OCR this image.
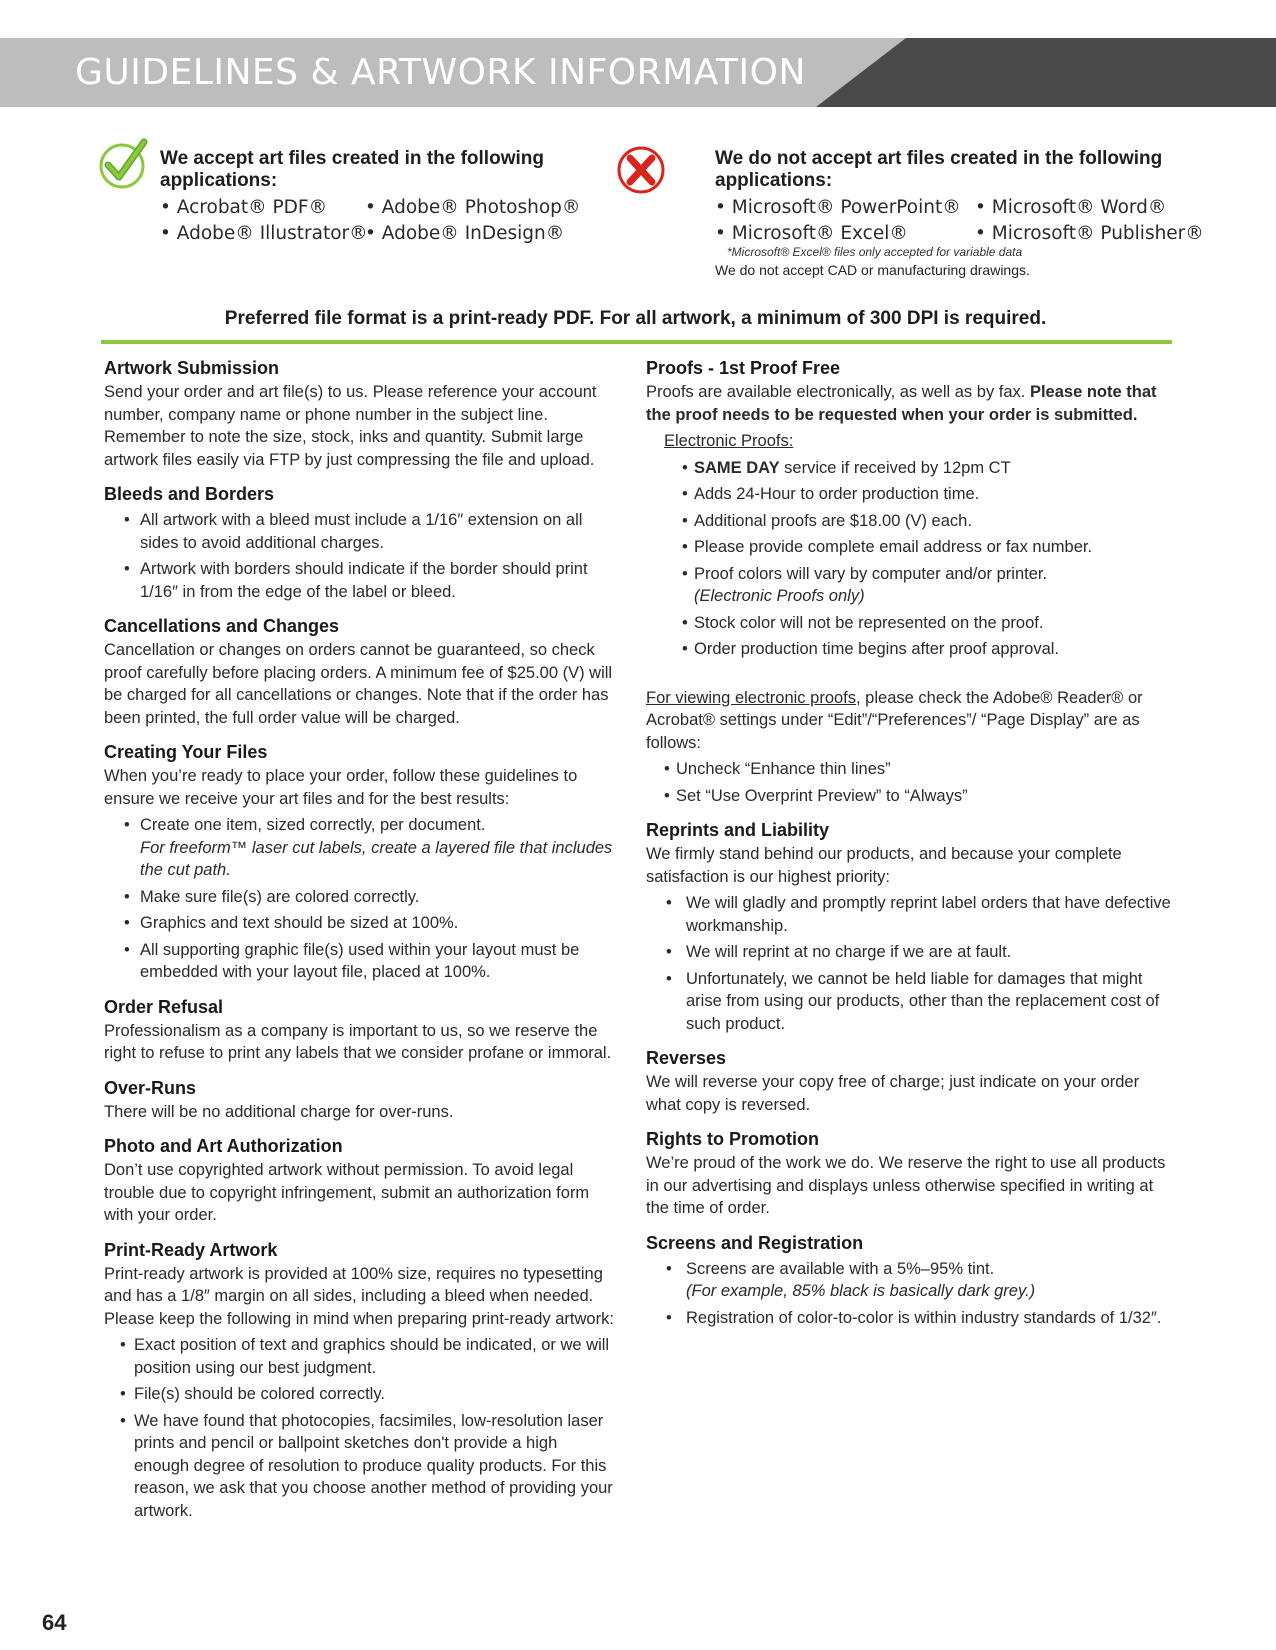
GUIDELINES & ARTWORK INFORMATION
We accept art files created in the following applications:
• Acrobat® PDF®	• Adobe® Photoshop®
• Adobe® Illustrator®
• Adobe® InDesign®
We do not accept art files created in the following applications:
• Microsoft® PowerPoint® • Microsoft® Word®
• Microsoft® Excel®	• Microsoft® Publisher®
*Microsoft® Excel® files only accepted for variable data
We do not accept CAD or manufacturing drawings.
Preferred file format is a print-ready PDF. For all artwork, a minimum of 300 DPI is required.
Artwork Submission

Send your order and art file(s) to us. Please reference your account number, company name or phone number in the subject line. Remember to note the size, stock, inks and quantity. Submit large artwork files easily via FTP by just compressing the file and upload.

Bleeds and Borders
• All artwork with a bleed must include a 1/16″ extension on all sides to avoid additional charges.
• Artwork with borders should indicate if the border should print 1/16″ in from the edge of the label or bleed.
Cancellations and Changes

Cancellation or changes on orders cannot be guaranteed, so check proof carefully before placing orders. A minimum fee of $25.00 (V) will be charged for all cancellations or changes. Note that if the order has been printed, the full order value will be charged.

Creating Your Files

When you’re ready to place your order, follow these guidelines to ensure we receive your art files and for the best results:

• Create one item, sized correctly, per document.
For freeform™ laser cut labels, create a layered file that includes the cut path.
• Make sure file(s) are colored correctly.
• Graphics and text should be sized at 100%.
• All supporting graphic file(s) used within your layout must be embedded with your layout file, placed at 100%.
Order Refusal

Professionalism as a company is important to us, so we reserve the right to refuse to print any labels that we consider profane or immoral.

Over-Runs

There will be no additional charge for over-runs.

Photo and Art Authorization

Don’t use copyrighted artwork without permission. To avoid legal trouble due to copyright infringement, submit an authorization form with your order.

Print-Ready Artwork

Print-ready artwork is provided at 100% size, requires no typesetting and has a 1/8″ margin on all sides, including a bleed when needed. Please keep the following in mind when preparing print-ready artwork:

• Exact position of text and graphics should be indicated, or we will position using our best judgment.
• File(s) should be colored correctly.
• We have found that photocopies, facsimiles, low-resolution laser prints and pencil or ballpoint sketches don't provide a high enough degree of resolution to produce quality products. For this reason, we ask that you choose another method of providing your artwork.
Proofs - 1st Proof Free

Proofs are available electronically, as well as by fax. Please note that the proof needs to be requested when your order is submitted.

Electronic Proofs:
• SAME DAY service if received by 12pm CT
• Adds 24-Hour to order production time.
• Additional proofs are $18.00 (V) each.
• Please provide complete email address or fax number.
• Proof colors will vary by computer and/or printer.
(Electronic Proofs only)
• Stock color will not be represented on the proof.
• Order production time begins after proof approval.

For viewing electronic proofs, please check the Adobe® Reader® or Acrobat® settings under “Edit”/“Preferences”/ “Page Display” are as follows:

• Uncheck “Enhance thin lines”
• Set “Use Overprint Preview” to “Always”
Reprints and Liability

We firmly stand behind our products, and because your complete satisfaction is our highest priority:

• We will gladly and promptly reprint label orders that have defective workmanship.
• We will reprint at no charge if we are at fault.
• Unfortunately, we cannot be held liable for damages that might arise from using our products, other than the replacement cost of such product.
Reverses

We will reverse your copy free of charge; just indicate on your order what copy is reversed.

Rights to Promotion

We’re proud of the work we do. We reserve the right to use all products in our advertising and displays unless otherwise specified in writing at the time of order.

Screens and Registration
• Screens are available with a 5%–95% tint.
(For example, 85% black is basically dark grey.)
• Registration of color-to-color is within industry standards of 1/32″.
64
